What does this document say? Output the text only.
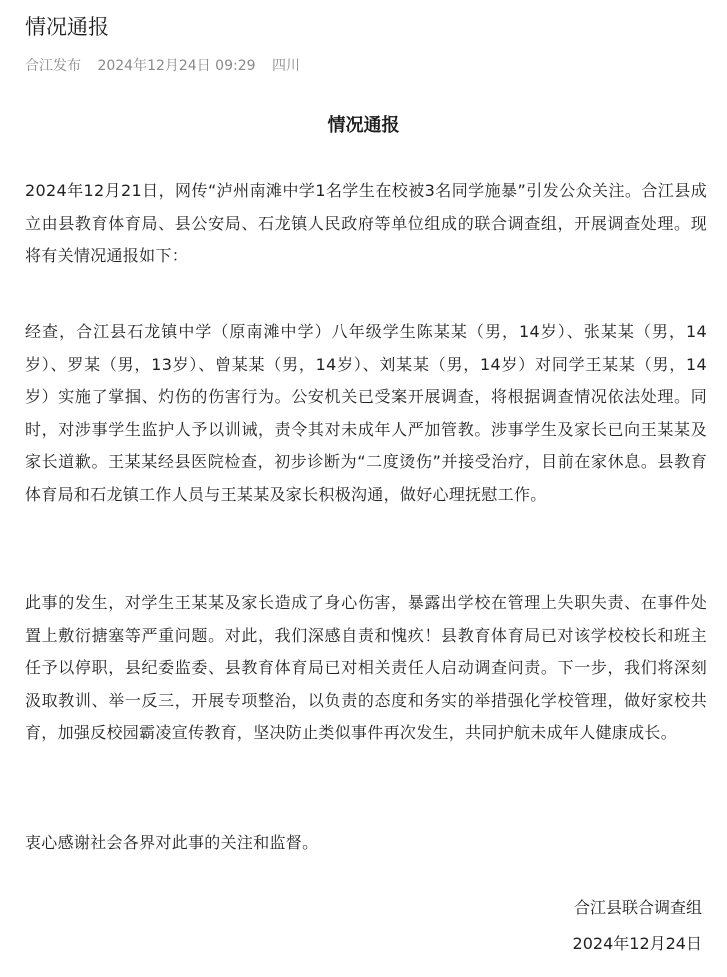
情况通报
合江发布 2024年12月24日 09:29 四川
情况通报

2024年12月21日，网传“泸州南滩中学1名学生在校被3名同学施暴”引发公众关注。合江县成立由县教育体育局、县公安局、石龙镇人民政府等单位组成的联合调查组，开展调查处理。现将有关情况通报如下：

经查，合江县石龙镇中学（原南滩中学）八年级学生陈某某（男，14岁）、张某某（男，14岁）、罗某（男，13岁）、曾某某（男，14岁）、刘某某（男，14岁）对同学王某某（男，14岁）实施了掌掴、灼伤的伤害行为。公安机关已受案开展调查，将根据调查情况依法处理。同时，对涉事学生监护人予以训诫，责令其对未成年人严加管教。涉事学生及家长已向王某某及家长道歉。王某某经县医院检查，初步诊断为“二度烫伤”并接受治疗，目前在家休息。县教育体育局和石龙镇工作人员与王某某及家长积极沟通，做好心理抚慰工作。

此事的发生，对学生王某某及家长造成了身心伤害，暴露出学校在管理上失职失责、在事件处置上敷衍搪塞等严重问题。对此，我们深感自责和愧疚！县教育体育局已对该学校校长和班主任予以停职，县纪委监委、县教育体育局已对相关责任人启动调查问责。下一步，我们将深刻汲取教训、举一反三，开展专项整治，以负责的态度和务实的举措强化学校管理，做好家校共育，加强反校园霸凌宣传教育，坚决防止类似事件再次发生，共同护航未成年人健康成长。

衷心感谢社会各界对此事的关注和监督。

合江县联合调查组
2024年12月24日
